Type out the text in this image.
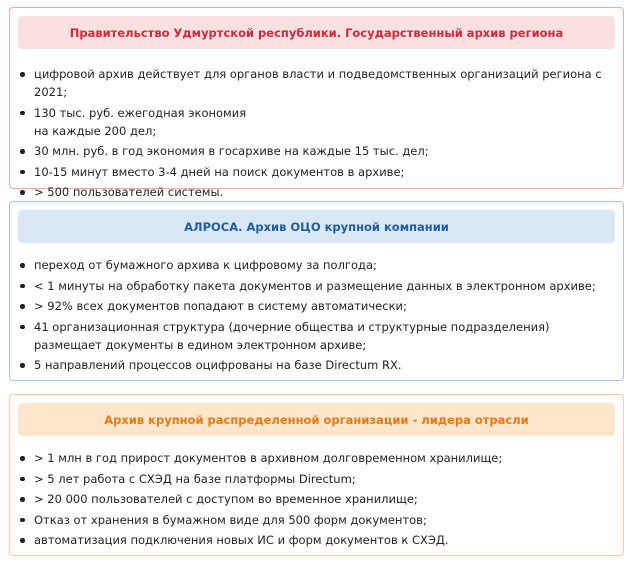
Правительство Удмуртской республики. Государственный архив региона
цифровой архив действует для органов власти и подведомственных организаций региона с 2021;
130 тыс. руб. ежегодная экономия
на каждые 200 дел;
30 млн. руб. в год экономия в госархиве на каждые 15 тыс. дел;
10-15 минут вместо 3-4 дней на поиск документов в архиве;
> 500 пользователей системы.
АЛРОСА. Архив ОЦО крупной компании
переход от бумажного архива к цифровому за полгода;
< 1 минуты на обработку пакета документов и размещение данных в электронном архиве;
> 92% всех документов попадают в систему автоматически;
41 организационная структура (дочерние общества и структурные подразделения) размещает документы в едином электронном архиве;
5 направлений процессов оцифрованы на базе Directum RX.
Архив крупной распределенной организации - лидера отрасли
> 1 млн в год прирост документов в архивном долговременном хранилище;
> 5 лет работа с СХЭД на базе платформы Directum;
> 20 000 пользователей с доступом во временное хранилище;
Отказ от хранения в бумажном виде для 500 форм документов;
автоматизация подключения новых ИС и форм документов к СХЭД.
